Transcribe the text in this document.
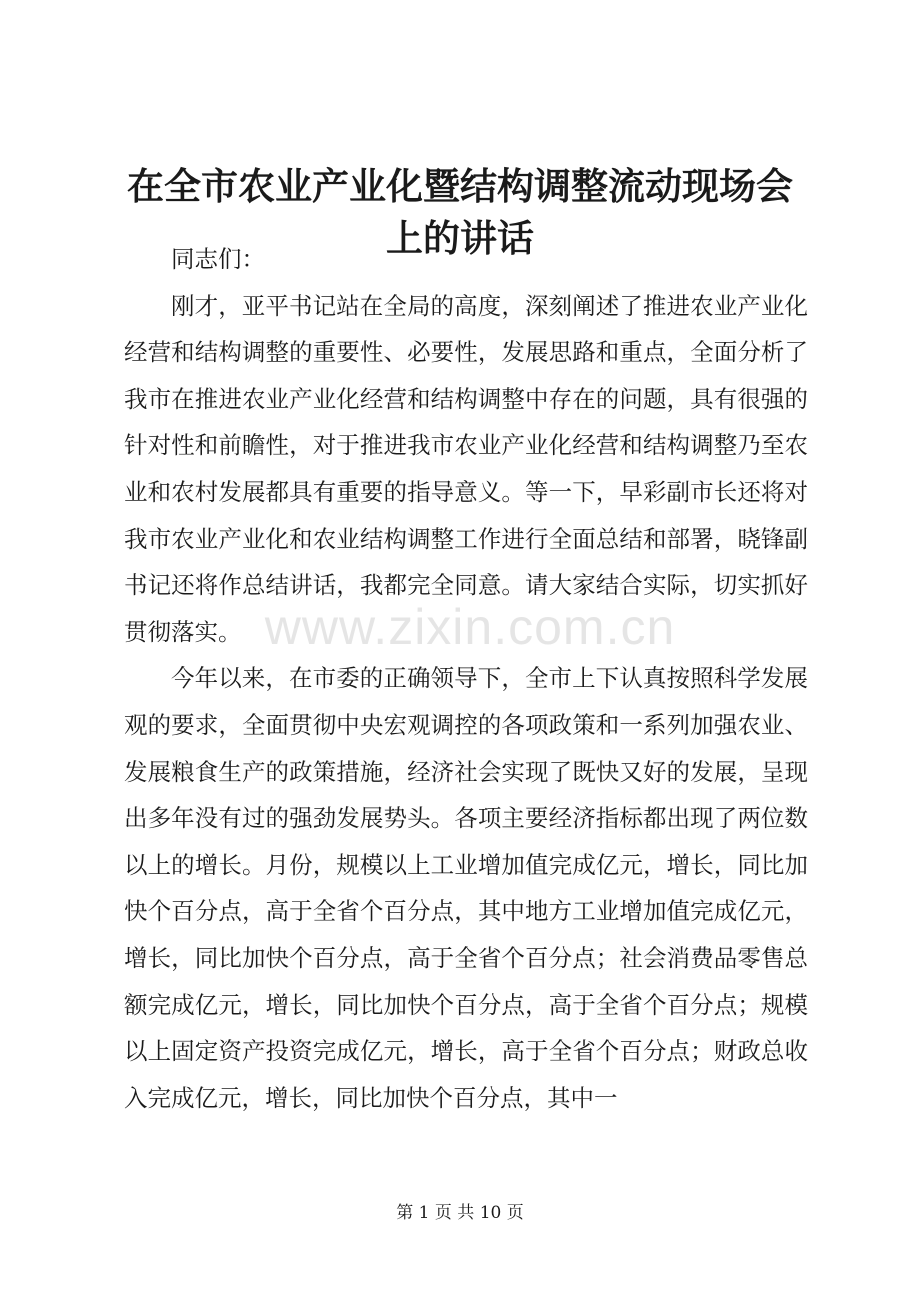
在全市农业产业化暨结构调整流动现场会上的讲话

同志们：

刚才，亚平书记站在全局的高度，深刻阐述了推进农业产业化经营和结构调整的重要性、必要性，发展思路和重点，全面分析了我市在推进农业产业化经营和结构调整中存在的问题，具有很强的针对性和前瞻性，对于推进我市农业产业化经营和结构调整乃至农业和农村发展都具有重要的指导意义。等一下，早彩副市长还将对我市农业产业化和农业结构调整工作进行全面总结和部署，晓锋副书记还将作总结讲话，我都完全同意。请大家结合实际，切实抓好贯彻落实。

今年以来，在市委的正确领导下，全市上下认真按照科学发展观的要求，全面贯彻中央宏观调控的各项政策和一系列加强农业、发展粮食生产的政策措施，经济社会实现了既快又好的发展，呈现出多年没有过的强劲发展势头。各项主要经济指标都出现了两位数以上的增长。月份，规模以上工业增加值完成亿元，增长，同比加快个百分点，高于全省个百分点，其中地方工业增加值完成亿元，增长，同比加快个百分点，高于全省个百分点；社会消费品零售总额完成亿元，增长，同比加快个百分点，高于全省个百分点；规模以上固定资产投资完成亿元，增长，高于全省个百分点；财政总收入完成亿元，增长，同比加快个百分点，其中一

www.zixin.com.cn
第 1 页 共 10 页
